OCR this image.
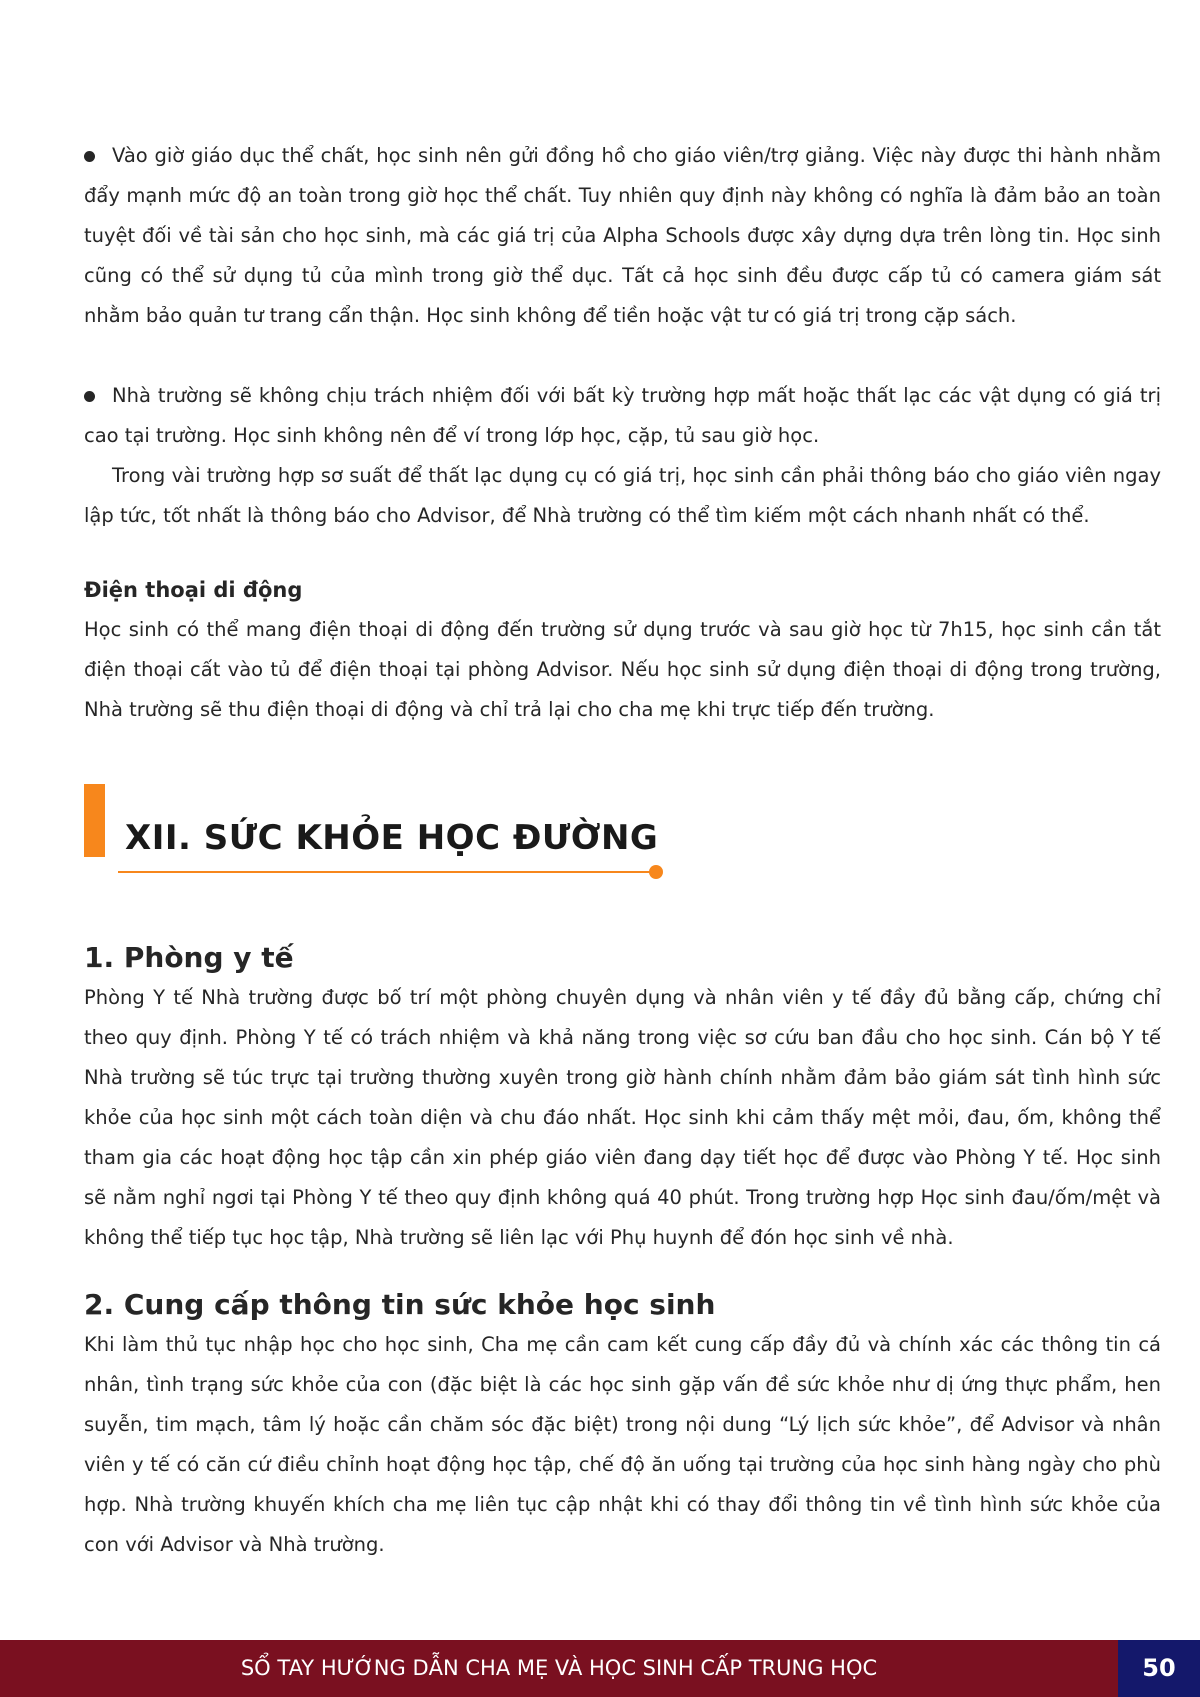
Vào giờ giáo dục thể chất, học sinh nên gửi đồng hồ cho giáo viên/trợ giảng. Việc này được thi hành nhằm đẩy mạnh mức độ an toàn trong giờ học thể chất. Tuy nhiên quy định này không có nghĩa là đảm bảo an toàn tuyệt đối về tài sản cho học sinh, mà các giá trị của Alpha Schools được xây dựng dựa trên lòng tin. Học sinh cũng có thể sử dụng tủ của mình trong giờ thể dục. Tất cả học sinh đều được cấp tủ có camera giám sát nhằm bảo quản tư trang cẩn thận. Học sinh không để tiền hoặc vật tư có giá trị trong cặp sách.

Nhà trường sẽ không chịu trách nhiệm đối với bất kỳ trường hợp mất hoặc thất lạc các vật dụng có giá trị cao tại trường. Học sinh không nên để ví trong lớp học, cặp, tủ sau giờ học.

Trong vài trường hợp sơ suất để thất lạc dụng cụ có giá trị, học sinh cần phải thông báo cho giáo viên ngay lập tức, tốt nhất là thông báo cho Advisor, để Nhà trường có thể tìm kiếm một cách nhanh nhất có thể.

Điện thoại di động

Học sinh có thể mang điện thoại di động đến trường sử dụng trước và sau giờ học từ 7h15, học sinh cần tắt điện thoại cất vào tủ để điện thoại tại phòng Advisor. Nếu học sinh sử dụng điện thoại di động trong trường, Nhà trường sẽ thu điện thoại di động và chỉ trả lại cho cha mẹ khi trực tiếp đến trường.

XII. SỨC KHỎE HỌC ĐƯỜNG

1. Phòng y tế

Phòng Y tế Nhà trường được bố trí một phòng chuyên dụng và nhân viên y tế đầy đủ bằng cấp, chứng chỉ theo quy định. Phòng Y tế có trách nhiệm và khả năng trong việc sơ cứu ban đầu cho học sinh. Cán bộ Y tế Nhà trường sẽ túc trực tại trường thường xuyên trong giờ hành chính nhằm đảm bảo giám sát tình hình sức khỏe của học sinh một cách toàn diện và chu đáo nhất. Học sinh khi cảm thấy mệt mỏi, đau, ốm, không thể tham gia các hoạt động học tập cần xin phép giáo viên đang dạy tiết học để được vào Phòng Y tế. Học sinh sẽ nằm nghỉ ngơi tại Phòng Y tế theo quy định không quá 40 phút. Trong trường hợp Học sinh đau/ốm/mệt và không thể tiếp tục học tập, Nhà trường sẽ liên lạc với Phụ huynh để đón học sinh về nhà.

2. Cung cấp thông tin sức khỏe học sinh

Khi làm thủ tục nhập học cho học sinh, Cha mẹ cần cam kết cung cấp đầy đủ và chính xác các thông tin cá nhân, tình trạng sức khỏe của con (đặc biệt là các học sinh gặp vấn đề sức khỏe như dị ứng thực phẩm, hen suyễn, tim mạch, tâm lý hoặc cần chăm sóc đặc biệt) trong nội dung “Lý lịch sức khỏe”, để Advisor và nhân viên y tế có căn cứ điều chỉnh hoạt động học tập, chế độ ăn uống tại trường của học sinh hàng ngày cho phù hợp. Nhà trường khuyến khích cha mẹ liên tục cập nhật khi có thay đổi thông tin về tình hình sức khỏe của con với Advisor và Nhà trường.

SỔ TAY HƯỚNG DẪN CHA MẸ VÀ HỌC SINH CẤP TRUNG HỌC	50
